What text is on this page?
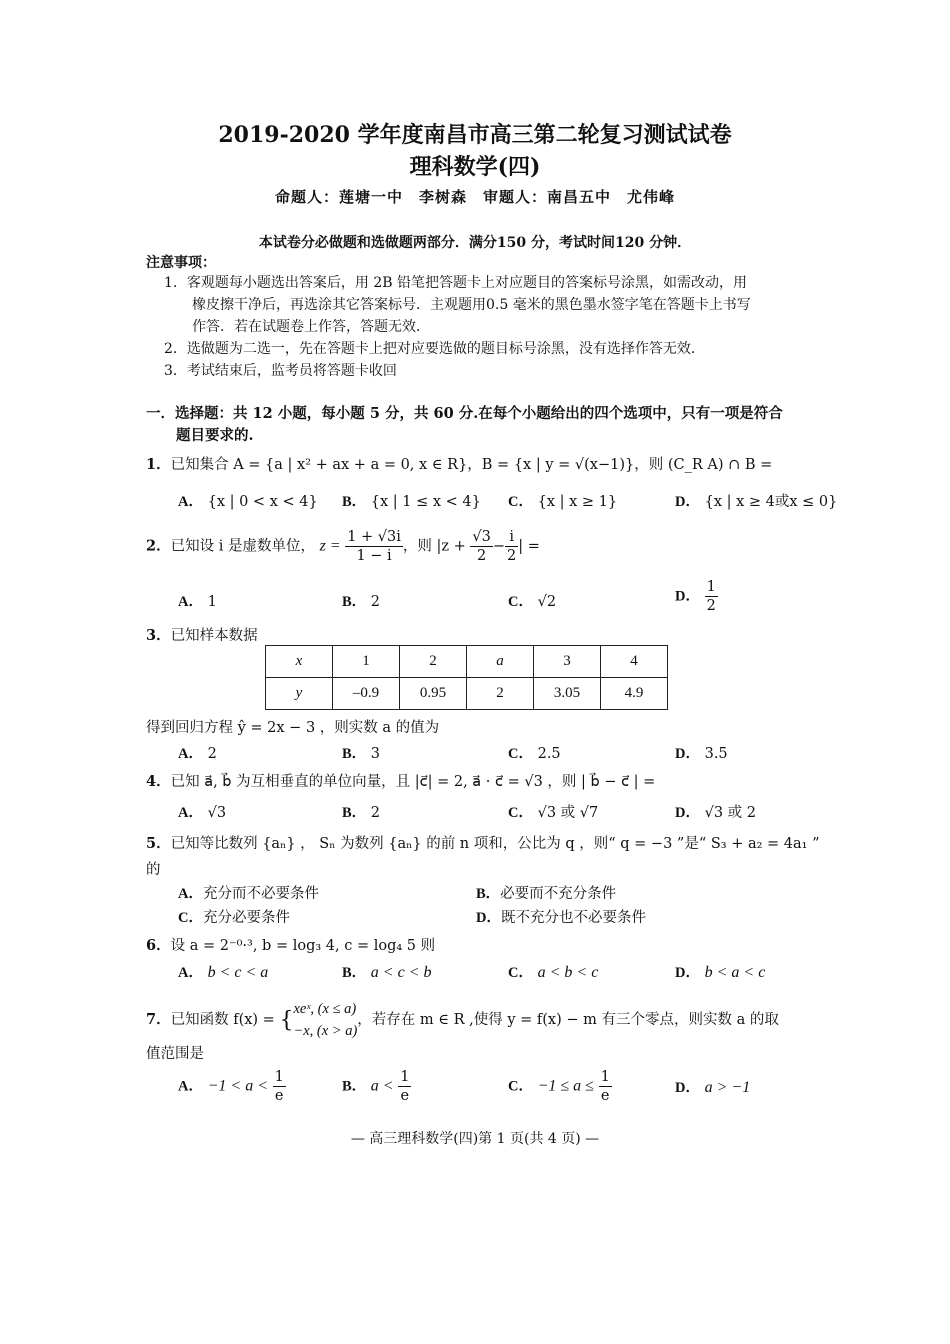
2019-2020 学年度南昌市高三第二轮复习测试试卷
理科数学(四)
命题人：莲塘一中　李树森　审题人：南昌五中　尤伟峰
本试卷分必做题和选做题两部分．满分150 分，考试时间120 分钟．
注意事项：
1．客观题每小题选出答案后，用 2B 铅笔把答题卡上对应题目的答案标号涂黑，如需改动，用
橡皮擦干净后，再选涂其它答案标号．主观题用0.5 毫米的黑色墨水签字笔在答题卡上书写
作答．若在试题卷上作答，答题无效．
2．选做题为二选一，先在答题卡上把对应要选做的题目标号涂黑，没有选择作答无效．
3．考试结束后，监考员将答题卡收回
一．选择题：共 12 小题，每小题 5 分，共 60 分.在每个小题给出的四个选项中，只有一项是符合
题目要求的.
1．已知集合 A = {a | x² + ax + a = 0, x ∈ R}，B = {x | y = √(x−1)}，则 (C_R A) ∩ B =
A． {x | 0 < x < 4} B． {x | 1 ≤ x < 4} C． {x | x ≥ 1}	D． {x | x ≥ 4或x ≤ 0}
2．已知设 i 是虚数单位， $z = \frac{1 + √3i}{1 - i}$ ，则 $|z + \frac{√3}{2} - \frac{i}{2}$ | =
A． 1	B． 2	C． √2	D． $\frac{1}{2}$
3．已知样本数据
x	1	2	a	3	4
y	–0.9	0.95	2	3.05	4.9
得到回归方程 ŷ = 2x − 3 ，则实数 a 的值为
A． 2	B． 3	C． 2.5	D． 3.5
4．已知 a⃗, b⃗ 为互相垂直的单位向量，且 |c⃗| = 2, a⃗ · c⃗ = √3 ，则 | b⃗ − c⃗ | =
A． √3	B． 2	C． √3 或 √7	D． √3 或 2
5．已知等比数列 {aₙ} ， Sₙ 为数列 {aₙ} 的前 n 项和，公比为 q ，则“ q = −3 ”是“ S₃ + a₂ = 4a₁ ”
的
A．充分而不必要条件	B．必要而不充分条件
C．充分必要条件	D．既不充分也不必要条件
6．设 a = 2⁻⁰·³, b = log₃ 4, c = log₄ 5 则
A． b < c < a	B． a < c < b	C． a < b < c	D． b < a < c
7．已知函数 f(x) = {xeˣ, (x ≤ a)
−x, (x > a)，若存在 m ∈ R ,使得 y = f(x) − m 有三个零点，则实数 a 的取
值范围是
A． $-1 < a < \frac{1}{e}$	B． $a < \frac{1}{e}$	C． $-1 \le a \le \frac{1}{e}$	D． a > −1
— 高三理科数学(四)第 1 页(共 4 页) —
